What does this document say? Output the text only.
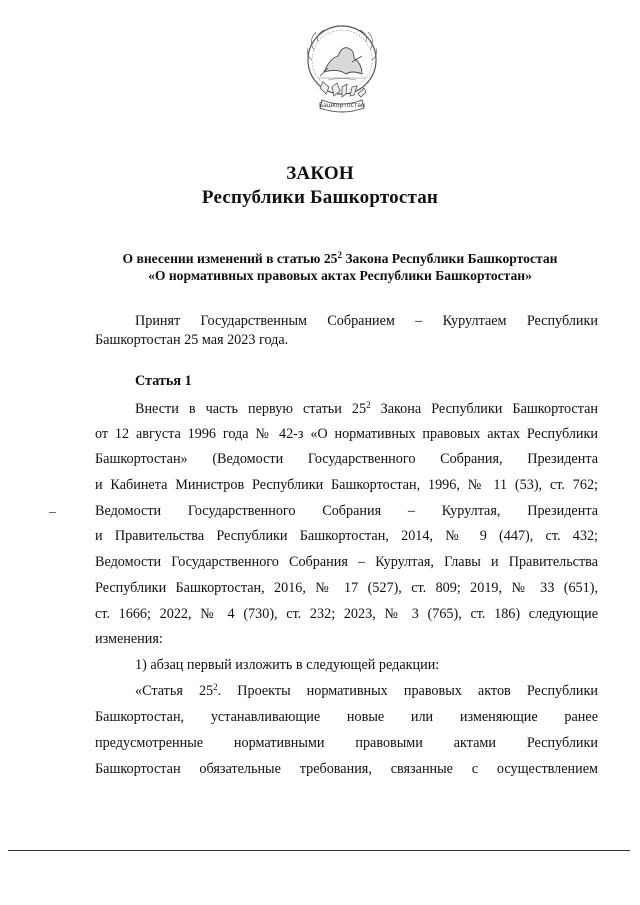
Башкортостан
ЗАКОН
Республики Башкортостан
О внесении изменений в статью $25^2$ Закона Республики Башкортостан
«О нормативных правовых актах Республики Башкортостан»
Принят Государственным Собранием – Курултаем Республики
Башкортостан 25 мая 2023 года.
Статья 1
Внести в часть первую статьи $25^2$ Закона Республики Башкортостан
от 12 августа 1996 года № 42-з «О нормативных правовых актах Республики
Башкортостан» (Ведомости Государственного Собрания, Президента
и Кабинета Министров Республики Башкортостан, 1996, № 11 (53), ст. 762;
Ведомости Государственного Собрания – Курултая, Президента
и Правительства Республики Башкортостан, 2014, № 9 (447), ст. 432;
Ведомости Государственного Собрания – Курултая, Главы и Правительства
Республики Башкортостан, 2016, № 17 (527), ст. 809; 2019, № 33 (651),
ст. 1666; 2022, № 4 (730), ст. 232; 2023, № 3 (765), ст. 186) следующие
изменения:
1) абзац первый изложить в следующей редакции:
«Статья $25^2$. Проекты нормативных правовых актов Республики
Башкортостан, устанавливающие новые или изменяющие ранее
предусмотренные нормативными правовыми актами Республики
Башкортостан обязательные требования, связанные с осуществлением
